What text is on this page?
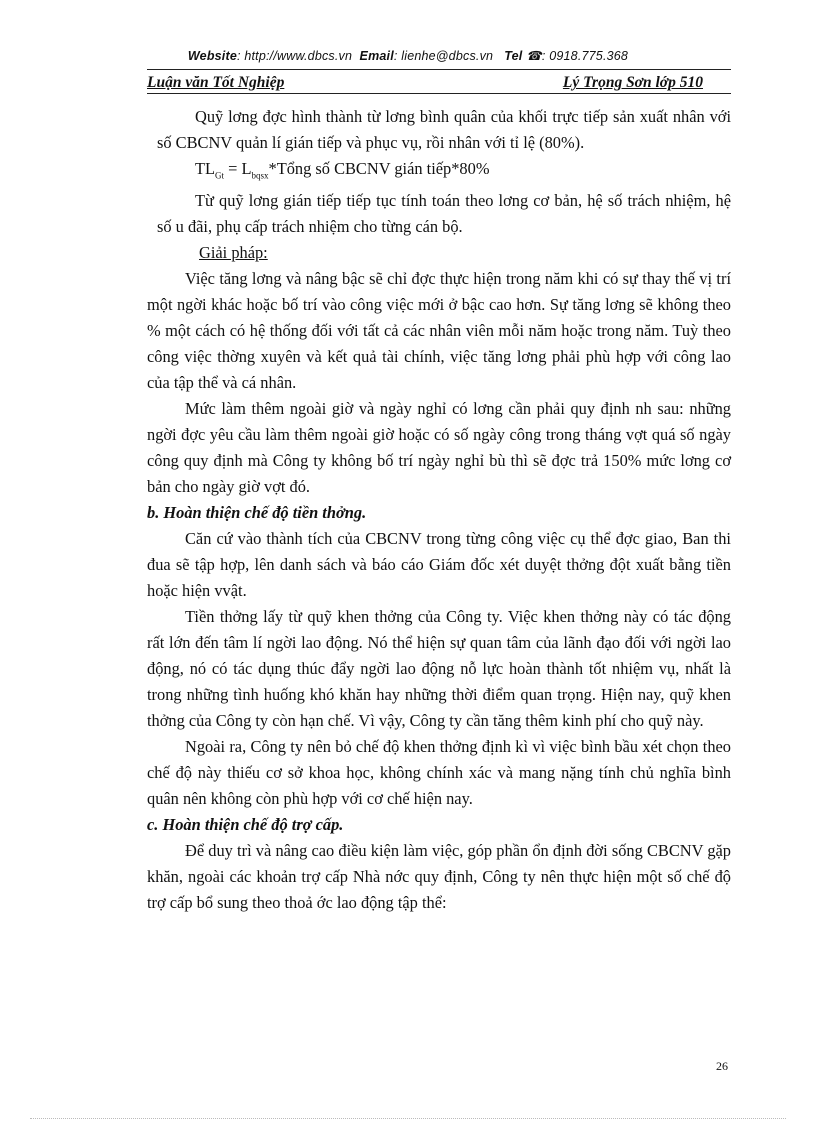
Website: http://www.dbcs.vn Email: lienhe@dbcs.vn Tel ☎: 0918.775.368
Luận văn Tốt Nghiệp	Lý Trọng Sơn lớp 510

Quỹ lơng đợc hình thành từ lơng bình quân của khối trực tiếp sản xuất nhân với số CBCNV quản lí gián tiếp và phục vụ, rồi nhân với tỉ lệ (80%).

$TL_{Gt}$ = $L_{bqsx}*Tổng$ số CBCNV gián tiếp*80%

Từ quỹ lơng gián tiếp tiếp tục tính toán theo lơng cơ bản, hệ số trách nhiệm, hệ số u đãi, phụ cấp trách nhiệm cho từng cán bộ.

Giải pháp:

Việc tăng lơng và nâng bậc sẽ chỉ đợc thực hiện trong năm khi có sự thay thế vị trí một ngời khác hoặc bố trí vào công việc mới ở bậc cao hơn. Sự tăng lơng sẽ không theo % một cách có hệ thống đối với tất cả các nhân viên mỗi năm hoặc trong năm. Tuỳ theo công việc thờng xuyên và kết quả tài chính, việc tăng lơng phải phù hợp với công lao của tập thể và cá nhân.

Mức làm thêm ngoài giờ và ngày nghỉ có lơng cần phải quy định nh sau: những ngời đợc yêu cầu làm thêm ngoài giờ hoặc có số ngày công trong tháng vợt quá số ngày công quy định mà Công ty không bố trí ngày nghỉ bù thì sẽ đợc trả 150% mức lơng cơ bản cho ngày giờ vợt đó.

b. Hoàn thiện chế độ tiền thởng.

Căn cứ vào thành tích của CBCNV trong từng công việc cụ thể đợc giao, Ban thi đua sẽ tập hợp, lên danh sách và báo cáo Giám đốc xét duyệt thởng đột xuất bằng tiền hoặc hiện vvật.

Tiền thởng lấy từ quỹ khen thởng của Công ty. Việc khen thởng này có tác động rất lớn đến tâm lí ngời lao động. Nó thể hiện sự quan tâm của lãnh đạo đối với ngời lao động, nó có tác dụng thúc đẩy ngời lao động nỗ lực hoàn thành tốt nhiệm vụ, nhất là trong những tình huống khó khăn hay những thời điểm quan trọng. Hiện nay, quỹ khen thởng của Công ty còn hạn chế. Vì vậy, Công ty cần tăng thêm kinh phí cho quỹ này.

Ngoài ra, Công ty nên bỏ chế độ khen thởng định kì vì việc bình bầu xét chọn theo chế độ này thiếu cơ sở khoa học, không chính xác và mang nặng tính chủ nghĩa bình quân nên không còn phù hợp với cơ chế hiện nay.

c. Hoàn thiện chế độ trợ cấp.

Để duy trì và nâng cao điều kiện làm việc, góp phần ổn định đời sống CBCNV gặp khăn, ngoài các khoản trợ cấp Nhà nớc quy định, Công ty nên thực hiện một số chế độ trợ cấp bổ sung theo thoả ớc lao động tập thể:

26
